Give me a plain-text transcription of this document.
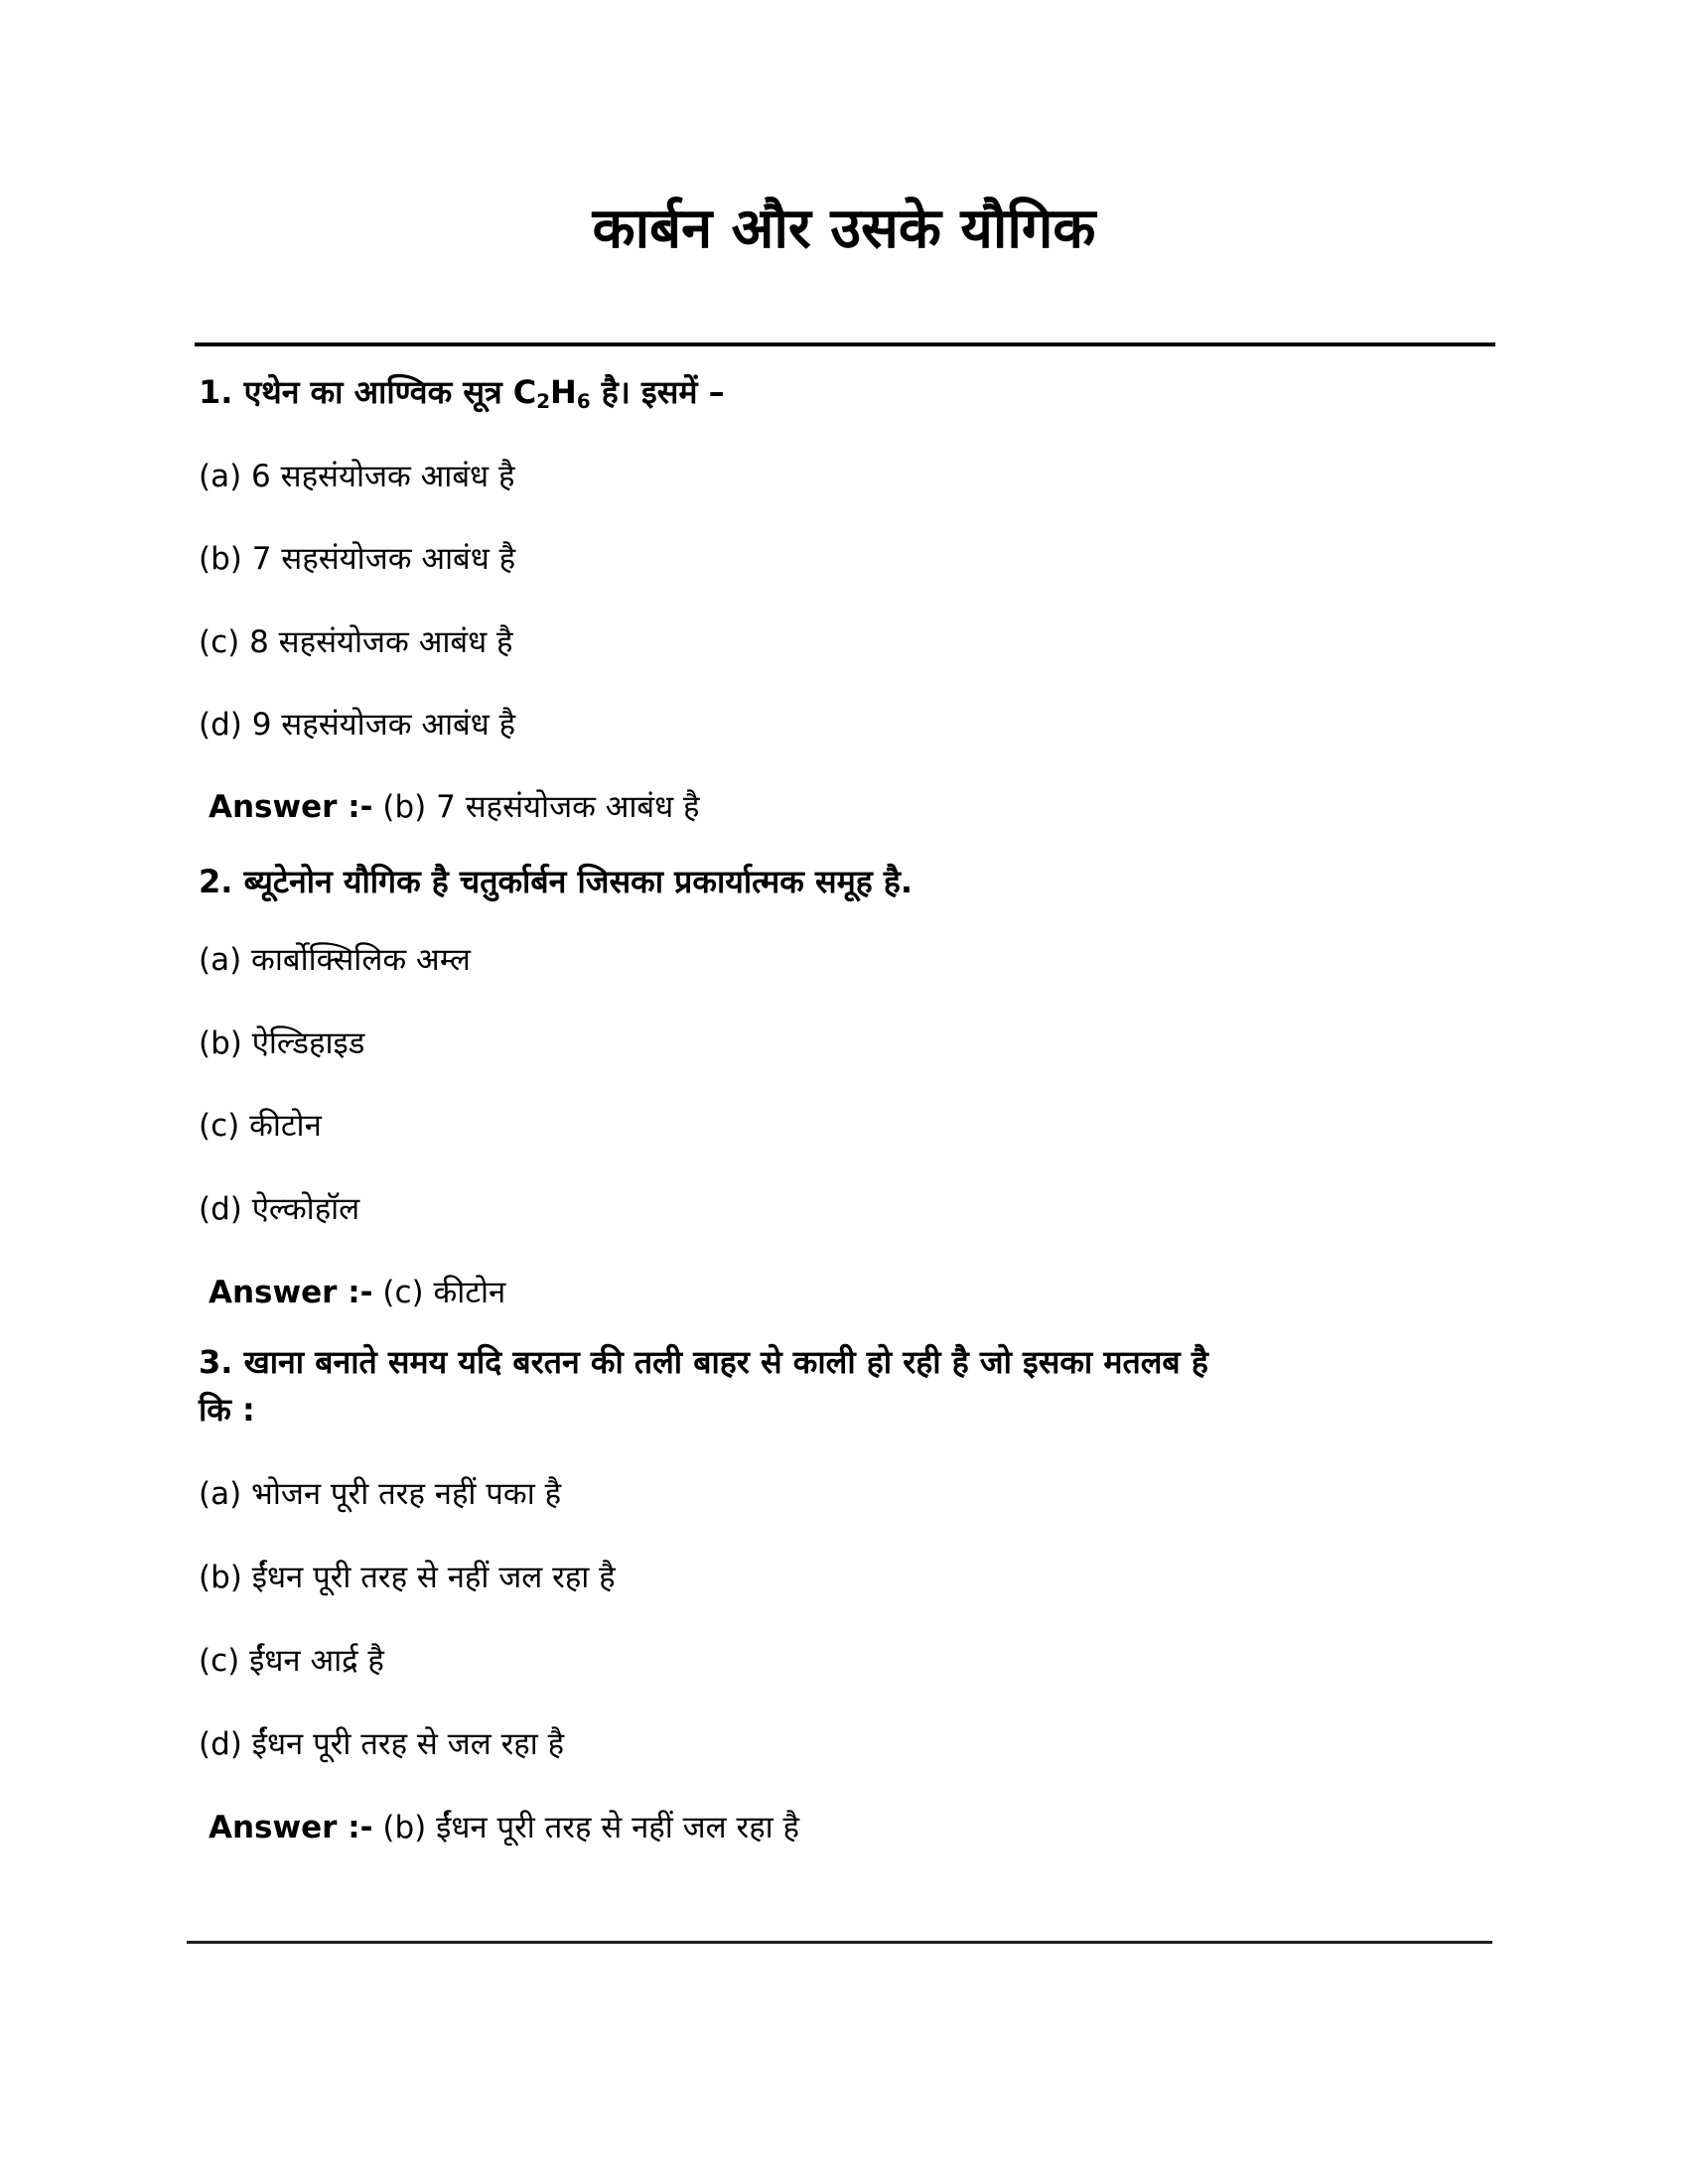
कार्बन और उसके यौगिक
1. एथेन का आण्विक सूत्र $C_2H_6$ है। इसमें –
(a) 6 सहसंयोजक आबंध है
(b) 7 सहसंयोजक आबंध है
(c) 8 सहसंयोजक आबंध है
(d) 9 सहसंयोजक आबंध है
Answer :- (b) 7 सहसंयोजक आबंध है
2. ब्यूटेनोन यौगिक है चतुर्कार्बन जिसका प्रकार्यात्मक समूह है.
(a) कार्बोक्सिलिक अम्ल
(b) ऐल्डिहाइड
(c) कीटोन
(d) ऐल्कोहॉल
Answer :- (c) कीटोन
3. खाना बनाते समय यदि बरतन की तली बाहर से काली हो रही है जो इसका मतलब है
कि :
(a) भोजन पूरी तरह नहीं पका है
(b) ईंधन पूरी तरह से नहीं जल रहा है
(c) ईंधन आर्द्र है
(d) ईंधन पूरी तरह से जल रहा है
Answer :- (b) ईंधन पूरी तरह से नहीं जल रहा है
